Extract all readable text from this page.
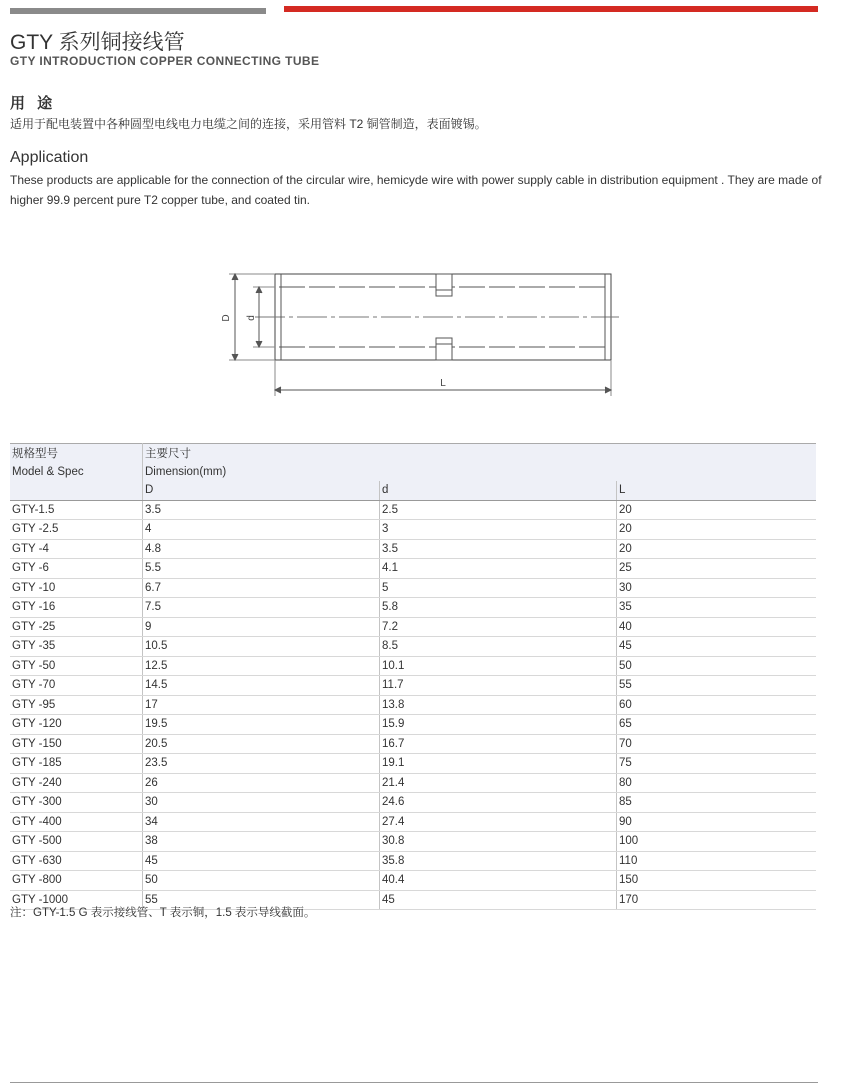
GTY 系列铜接线管
GTY INTRODUCTION COPPER CONNECTING TUBE
用 途
适用于配电装置中各种圆型电线电力电缆之间的连接，采用管料 T2 铜管制造，表面镀锡。
Application
These products are applicable for the connection of the circular wire, hemicyde wire with power supply cable in distribution equipment . They are made of higher 99.9 percent pure T2 copper tube, and coated tin.
D d
L
规格型号	主要尺寸		
Model & Spec	Dimension(mm)		
	D	d	L
GTY-1.5	3.5	2.5	20
GTY -2.5	4	3	20
GTY -4	4.8	3.5	20
GTY -6	5.5	4.1	25
GTY -10	6.7	5	30
GTY -16	7.5	5.8	35
GTY -25	9	7.2	40
GTY -35	10.5	8.5	45
GTY -50	12.5	10.1	50
GTY -70	14.5	11.7	55
GTY -95	17	13.8	60
GTY -120	19.5	15.9	65
GTY -150	20.5	16.7	70
GTY -185	23.5	19.1	75
GTY -240	26	21.4	80
GTY -300	30	24.6	85
GTY -400	34	27.4	90
GTY -500	38	30.8	100
GTY -630	45	35.8	110
GTY -800	50	40.4	150
GTY -1000	55	45	170
注：GTY-1.5 G 表示接线管、T 表示铜，1.5 表示导线截面。
